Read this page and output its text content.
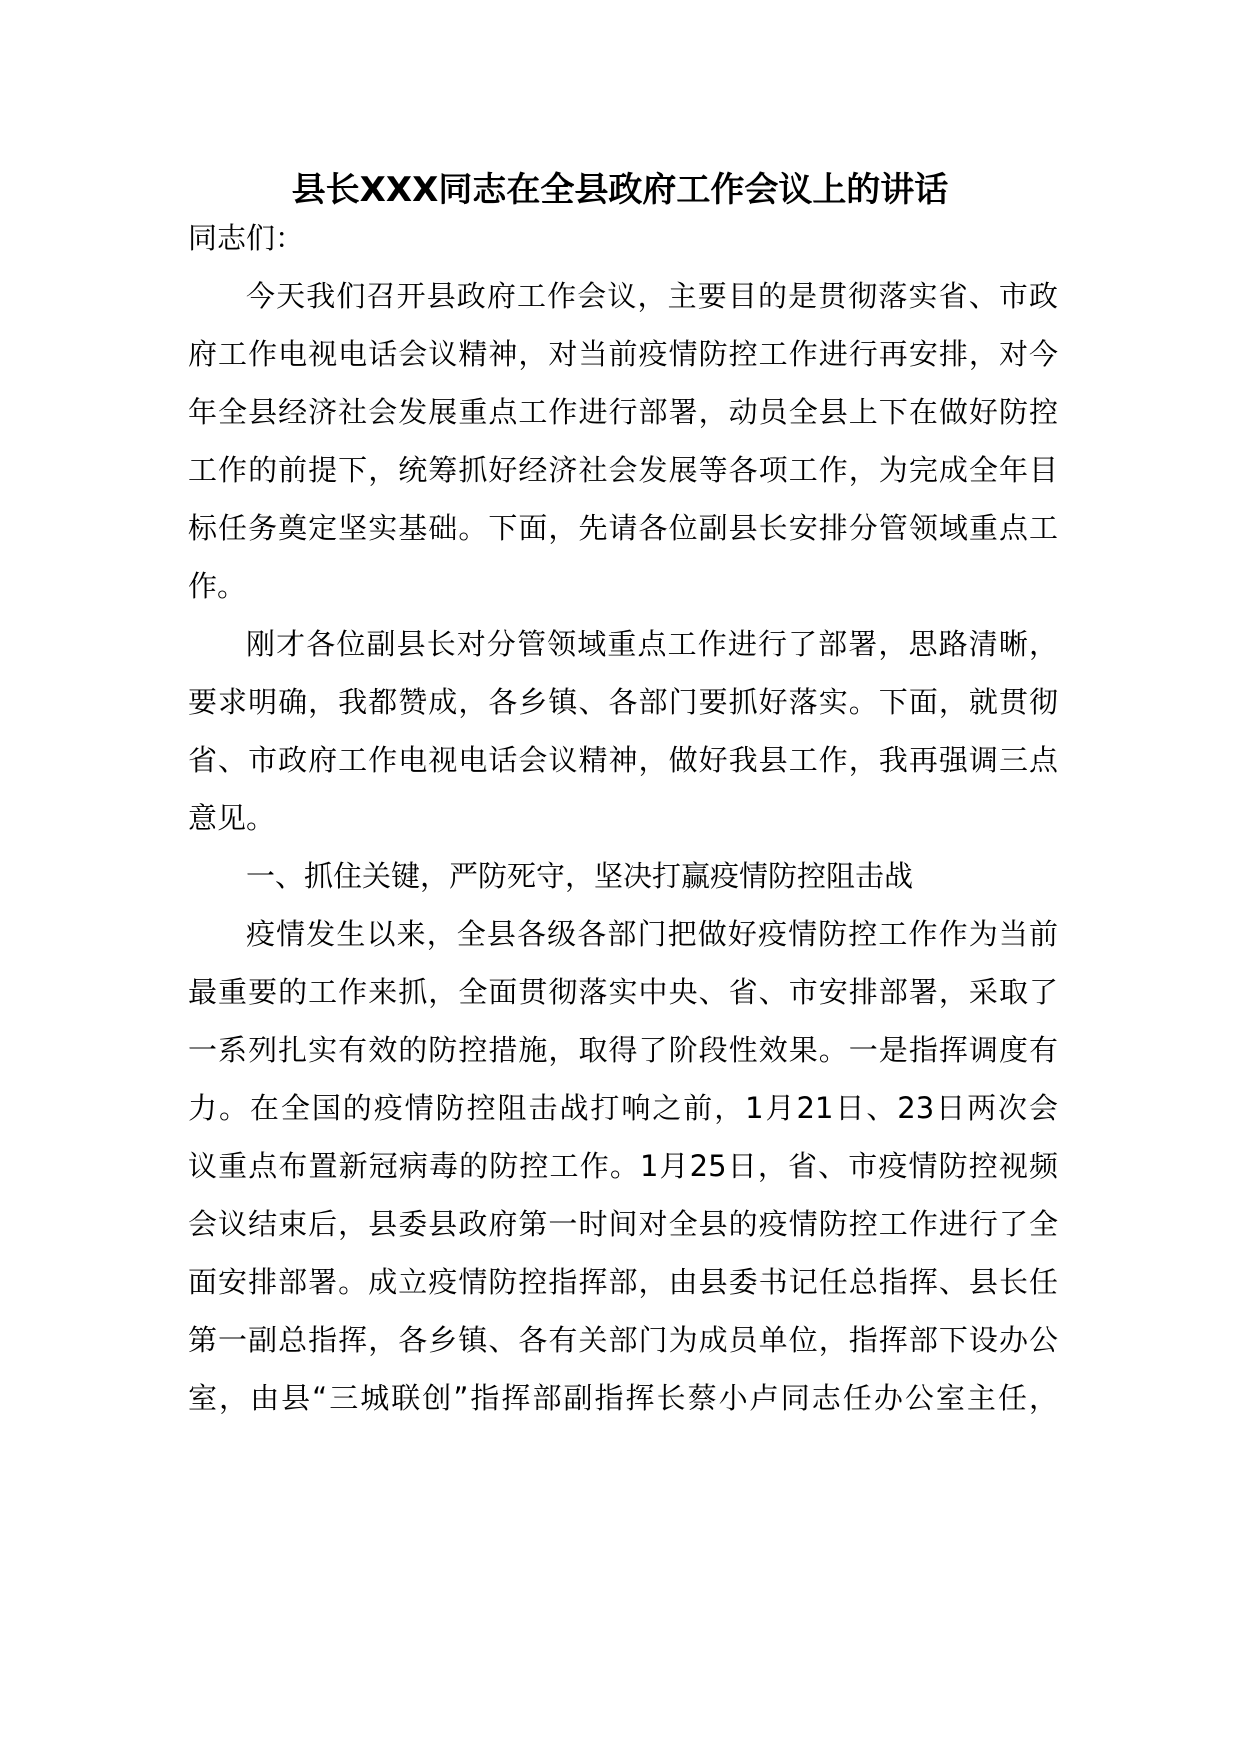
县长XXX同志在全县政府工作会议上的讲话
同志们：
今天我们召开县政府工作会议，主要目的是贯彻落实省、市政
府工作电视电话会议精神，对当前疫情防控工作进行再安排，对今
年全县经济社会发展重点工作进行部署，动员全县上下在做好防控
工作的前提下，统筹抓好经济社会发展等各项工作，为完成全年目
标任务奠定坚实基础。下面，先请各位副县长安排分管领域重点工
作。
刚才各位副县长对分管领域重点工作进行了部署，思路清晰，
要求明确，我都赞成，各乡镇、各部门要抓好落实。下面，就贯彻
省、市政府工作电视电话会议精神，做好我县工作，我再强调三点
意见。
一、抓住关键，严防死守，坚决打赢疫情防控阻击战
疫情发生以来，全县各级各部门把做好疫情防控工作作为当前
最重要的工作来抓，全面贯彻落实中央、省、市安排部署，采取了
一系列扎实有效的防控措施，取得了阶段性效果。一是指挥调度有
力。在全国的疫情防控阻击战打响之前，1月21日、23日两次会
议重点布置新冠病毒的防控工作。1月25日，省、市疫情防控视频
会议结束后，县委县政府第一时间对全县的疫情防控工作进行了全
面安排部署。成立疫情防控指挥部，由县委书记任总指挥、县长任
第一副总指挥，各乡镇、各有关部门为成员单位，指挥部下设办公
室，由县“三城联创”指挥部副指挥长蔡小卢同志任办公室主任，
